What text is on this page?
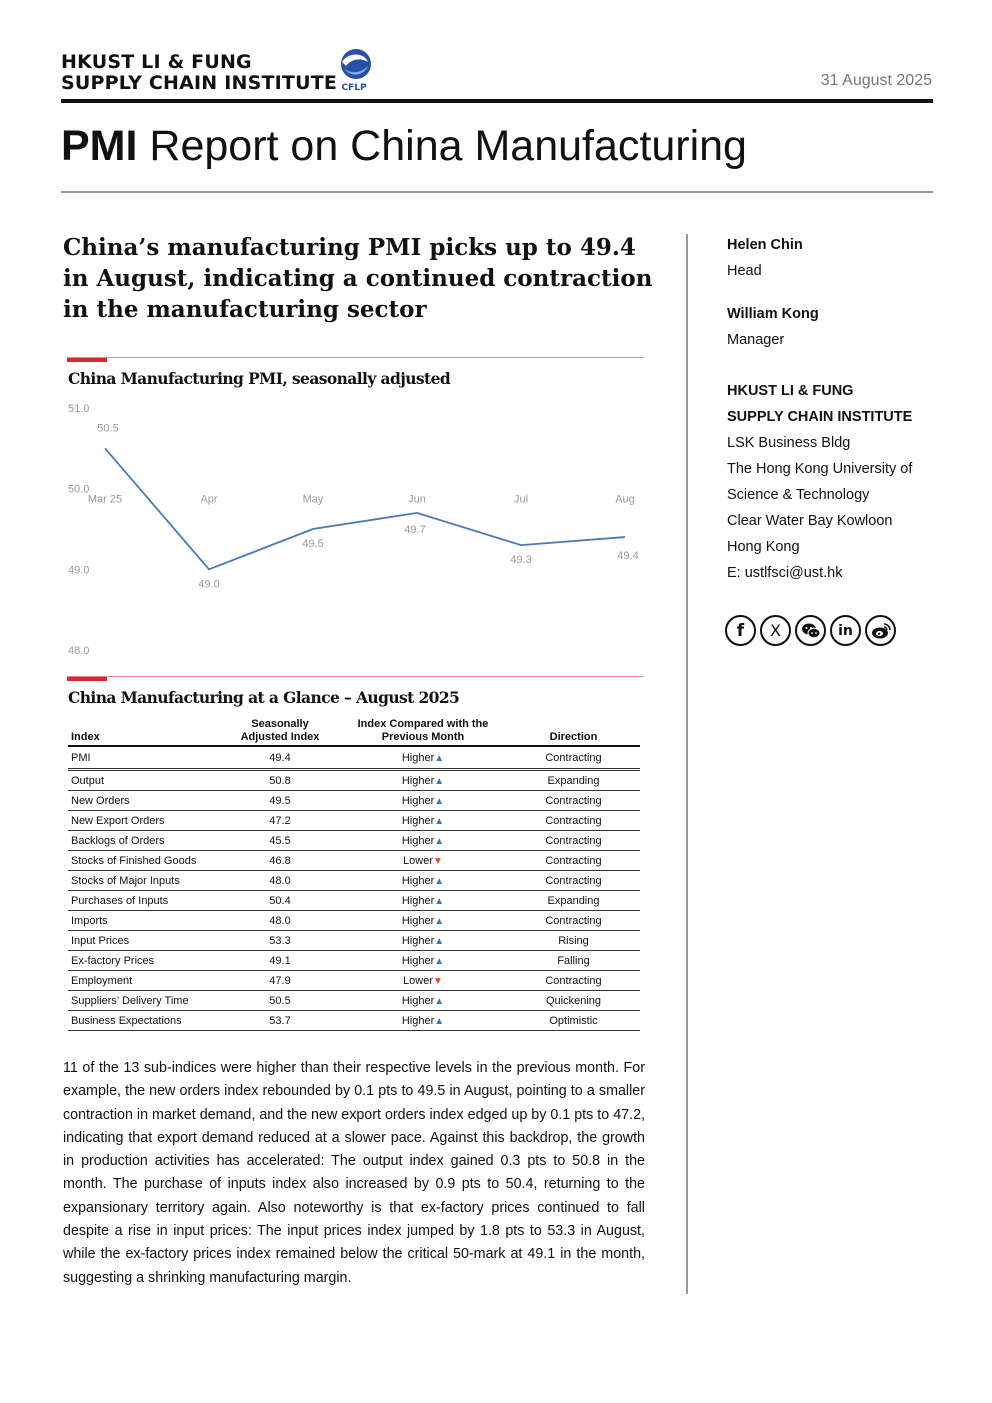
HKUST LI & FUNG
SUPPLY CHAIN INSTITUTE CFLP	31 August 2025
PMI Report on China Manufacturing
China’s manufacturing PMI picks up to 49.4 in August, indicating a continued contraction in the manufacturing sector
China Manufacturing PMI, seasonally adjusted
51.0
50.0
49.0
48.0
Mar 25	Apr	May	Jun	Jul	Aug
50.5
49.0
49.5
49.7
49.3	49.4
China Manufacturing at a Glance – August 2025
Index	Seasonally Adjusted Index	Index Compared with the Previous Month	Direction
PMI	49.4	Higher▲	Contracting
Output	50.8	Higher▲	Expanding
New Orders	49.5	Higher▲	Contracting
New Export Orders	47.2	Higher▲	Contracting
Backlogs of Orders	45.5	Higher▲	Contracting
Stocks of Finished Goods	46.8	Lower▼	Contracting
Stocks of Major Inputs	48.0	Higher▲	Contracting
Purchases of Inputs	50.4	Higher▲	Expanding
Imports	48.0	Higher▲	Contracting
Input Prices	53.3	Higher▲	Rising
Ex-factory Prices	49.1	Higher▲	Falling
Employment	47.9	Lower▼	Contracting
Suppliers’ Delivery Time	50.5	Higher▲	Quickening
Business Expectations	53.7	Higher▲	Optimistic
11 of the 13 sub-indices were higher than their respective levels in the previous month. For example, the new orders index rebounded by 0.1 pts to 49.5 in August, pointing to a smaller contraction in market demand, and the new export orders index edged up by 0.1 pts to 47.2, indicating that export demand reduced at a slower pace. Against this backdrop, the growth in production activities has accelerated: The output index gained 0.3 pts to 50.8 in the month. The purchase of inputs index also increased by 0.9 pts to 50.4, returning to the expansionary territory again. Also noteworthy is that ex-factory prices continued to fall despite a rise in input prices: The input prices index jumped by 1.8 pts to 53.3 in August, while the ex-factory prices index remained below the critical 50-mark at 49.1 in the month, suggesting a shrinking manufacturing margin.
Helen Chin
Head
William Kong
Manager
HKUST LI & FUNG
SUPPLY CHAIN INSTITUTE
LSK Business Bldg
The Hong Kong University of
Science & Technology
Clear Water Bay Kowloon
Hong Kong
E: ustlfsci@ust.hk
f	X	in
